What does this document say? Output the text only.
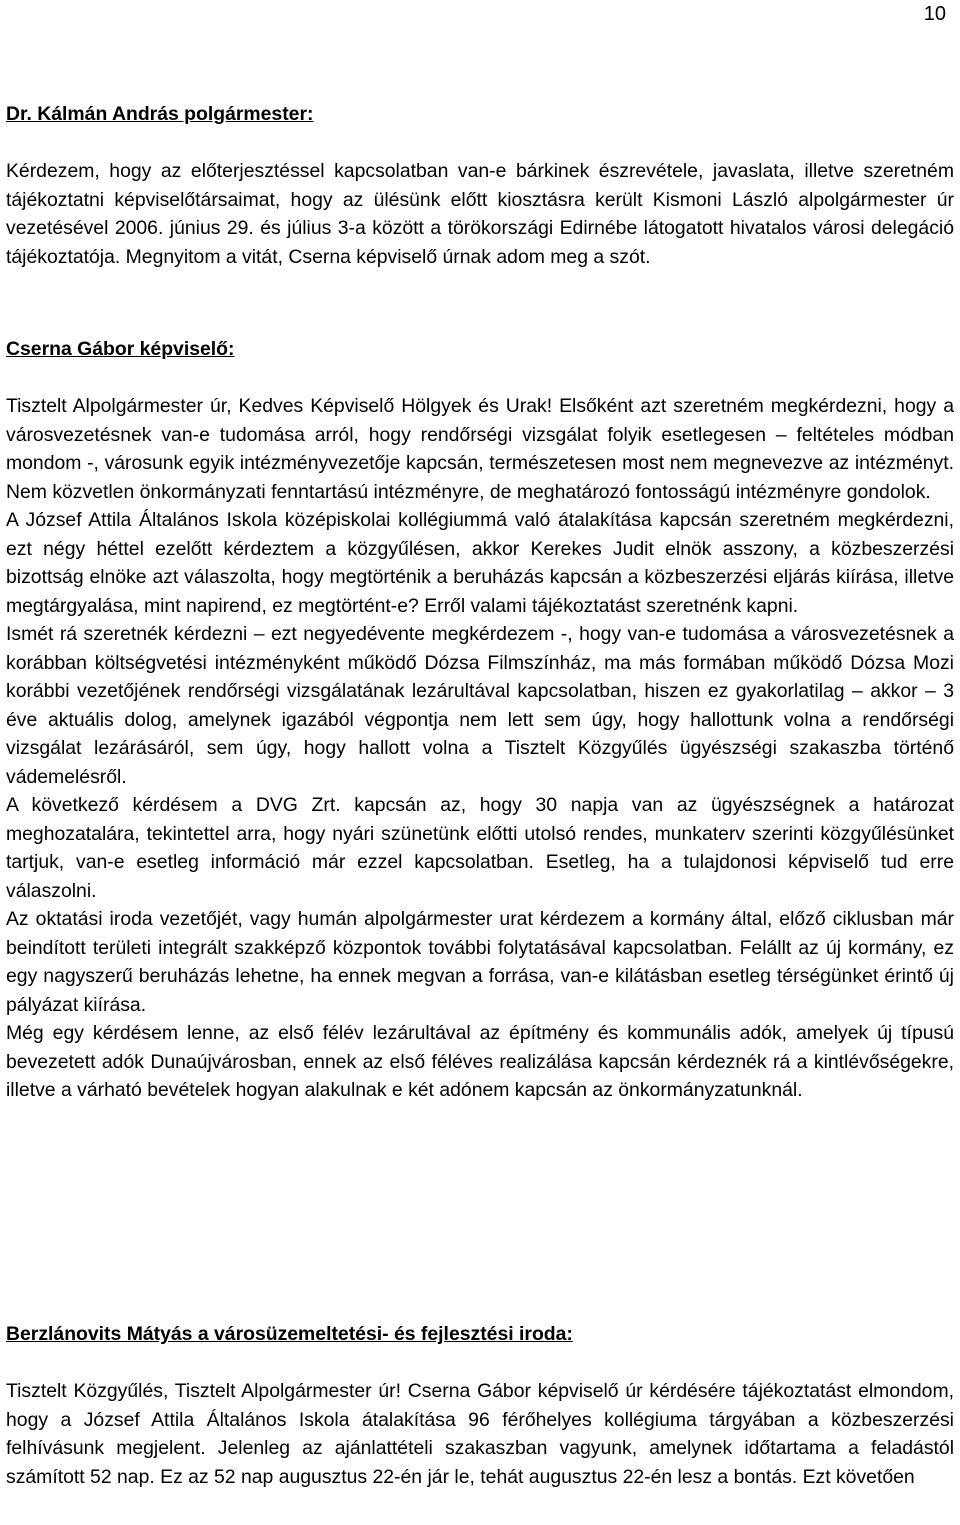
10

Dr. Kálmán András polgármester:

Kérdezem, hogy az előterjesztéssel kapcsolatban van-e bárkinek észrevétele, javaslata, illetve szeretném tájékoztatni képviselőtársaimat, hogy az ülésünk előtt kiosztásra került Kismoni László alpolgármester úr vezetésével 2006. június 29. és július 3-a között a törökországi Edirnébe látogatott hivatalos városi delegáció tájékoztatója. Megnyitom a vitát, Cserna képviselő úrnak adom meg a szót.

Cserna Gábor képviselő:

Tisztelt Alpolgármester úr, Kedves Képviselő Hölgyek és Urak! Elsőként azt szeretném megkérdezni, hogy a városvezetésnek van-e tudomása arról, hogy rendőrségi vizsgálat folyik esetlegesen – feltételes módban mondom -, városunk egyik intézményvezetője kapcsán, természetesen most nem megnevezve az intézményt. Nem közvetlen önkormányzati fenntartású intézményre, de meghatározó fontosságú intézményre gondolok.

A József Attila Általános Iskola középiskolai kollégiummá való átalakítása kapcsán szeretném megkérdezni, ezt négy héttel ezelőtt kérdeztem a közgyűlésen, akkor Kerekes Judit elnök asszony, a közbeszerzési bizottság elnöke azt válaszolta, hogy megtörténik a beruházás kapcsán a közbeszerzési eljárás kiírása, illetve megtárgyalása, mint napirend, ez megtörtént-e? Erről valami tájékoztatást szeretnénk kapni.

Ismét rá szeretnék kérdezni – ezt negyedévente megkérdezem -, hogy van-e tudomása a városvezetésnek a korábban költségvetési intézményként működő Dózsa Filmszínház, ma más formában működő Dózsa Mozi korábbi vezetőjének rendőrségi vizsgálatának lezárultával kapcsolatban, hiszen ez gyakorlatilag – akkor – 3 éve aktuális dolog, amelynek igazából végpontja nem lett sem úgy, hogy hallottunk volna a rendőrségi vizsgálat lezárásáról, sem úgy, hogy hallott volna a Tisztelt Közgyűlés ügyészségi szakaszba történő vádemelésről.

A következő kérdésem a DVG Zrt. kapcsán az, hogy 30 napja van az ügyészségnek a határozat meghozatalára, tekintettel arra, hogy nyári szünetünk előtti utolsó rendes, munkaterv szerinti közgyűlésünket tartjuk, van-e esetleg információ már ezzel kapcsolatban. Esetleg, ha a tulajdonosi képviselő tud erre válaszolni.

Az oktatási iroda vezetőjét, vagy humán alpolgármester urat kérdezem a kormány által, előző ciklusban már beindított területi integrált szakképző központok további folytatásával kapcsolatban. Felállt az új kormány, ez egy nagyszerű beruházás lehetne, ha ennek megvan a forrása, van-e kilátásban esetleg térségünket érintő új pályázat kiírása.

Még egy kérdésem lenne, az első félév lezárultával az építmény és kommunális adók, amelyek új típusú bevezetett adók Dunaújvárosban, ennek az első féléves realizálása kapcsán kérdeznék rá a kintlévőségekre, illetve a várható bevételek hogyan alakulnak e két adónem kapcsán az önkormányzatunknál.

Berzlánovits Mátyás a városüzemeltetési- és fejlesztési iroda:

Tisztelt Közgyűlés, Tisztelt Alpolgármester úr! Cserna Gábor képviselő úr kérdésére tájékoztatást elmondom, hogy a József Attila Általános Iskola átalakítása 96 férőhelyes kollégiuma tárgyában a közbeszerzési felhívásunk megjelent. Jelenleg az ajánlattételi szakaszban vagyunk, amelynek időtartama a feladástól számított 52 nap. Ez az 52 nap augusztus 22-én jár le, tehát augusztus 22-én lesz a bontás. Ezt követően
